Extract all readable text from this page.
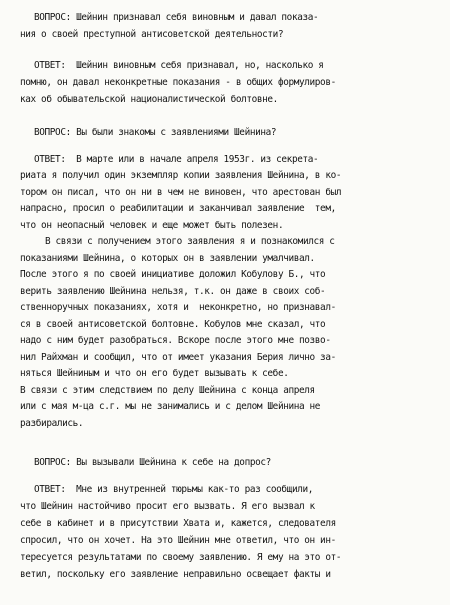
ВОПРОС: Шейнин признавал себя виновным и давал показа-
ния о своей преступной антисоветской деятельности?
ОТВЕТ:  Шейнин виновным себя признавал, но, насколько я
помню, он давал неконкретные показания - в общих формулиров-
ках об обывательской националистической болтовне.
ВОПРОС: Вы были знакомы с заявлениями Шейнина?
ОТВЕТ:  В марте или в начале апреля 1953г. из секрета-
риата я получил один экземпляр копии заявления Шейнина, в ко-
тором он писал, что он ни в чем не виновен, что арестован был
напрасно, просил о реабилитации и заканчивал заявление  тем,
что он неопасный человек и еще может быть полезен.
В связи с получением этого заявления я и познакомился с
показаниями Шейнина, о которых он в заявлении умалчивал.
После этого я по своей инициативе доложил Кобулову Б., что
верить заявлению Шейнина нельзя, т.к. он даже в своих соб-
ственноручных показаниях, хотя и  неконкретно, но признавал-
ся в своей антисоветской болтовне. Кобулов мне сказал, что
надо с ним будет разобраться. Вскоре после этого мне позво-
нил Райхман и сообщил, что от имеет указания Берия лично за-
няться Шейниным и что он его будет вызывать к себе.
В связи с этим следствием по делу Шейнина с конца апреля
или с мая м-ца с.г. мы не занимались и с делом Шейнина не
разбирались.
ВОПРОС: Вы вызывали Шейнина к себе на допрос?
ОТВЕТ:  Мне из внутренней тюрьмы как-то раз сообщили,
что Шейнин настойчиво просит его вызвать. Я его вызвал к
себе в кабинет и в присутствии Хвата и, кажется, следователя
спросил, что он хочет. На это Шейнин мне ответил, что он ин-
тересуется результатами по своему заявлению. Я ему на это от-
ветил, поскольку его заявление неправильно освещает факты и
